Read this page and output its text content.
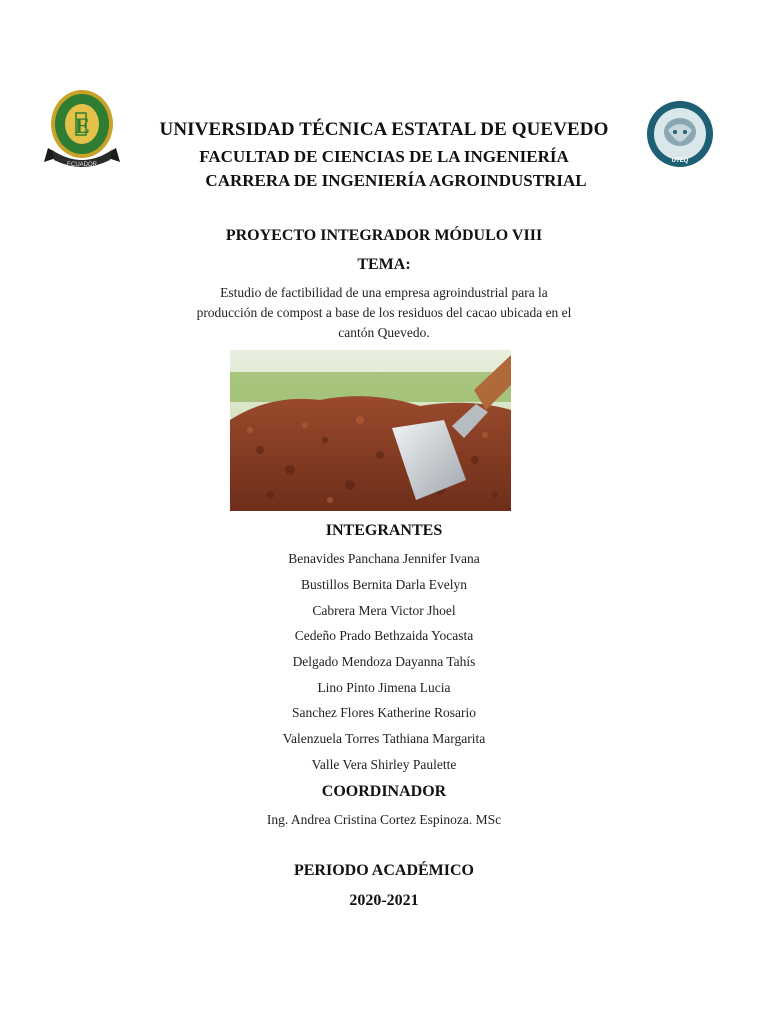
E
ECUADOR
UTEQ
UNIVERSIDAD TÉCNICA ESTATAL DE QUEVEDO
FACULTAD DE CIENCIAS DE LA INGENIERÍA
CARRERA DE INGENIERÍA AGROINDUSTRIAL
PROYECTO INTEGRADOR MÓDULO VIII
TEMA:
Estudio de factibilidad de una empresa agroindustrial para la
producción de compost a base de los residuos del cacao ubicada en el
cantón Quevedo.
INTEGRANTES
Benavides Panchana Jennifer Ivana
Bustillos Bernita Darla Evelyn
Cabrera Mera Victor Jhoel
Cedeño Prado Bethzaida Yocasta
Delgado Mendoza Dayanna Tahís
Lino Pinto Jimena Lucia
Sanchez Flores Katherine Rosario
Valenzuela Torres Tathiana Margarita
Valle Vera Shirley Paulette
COORDINADOR
Ing. Andrea Cristina Cortez Espinoza. MSc
PERIODO ACADÉMICO
2020-2021
